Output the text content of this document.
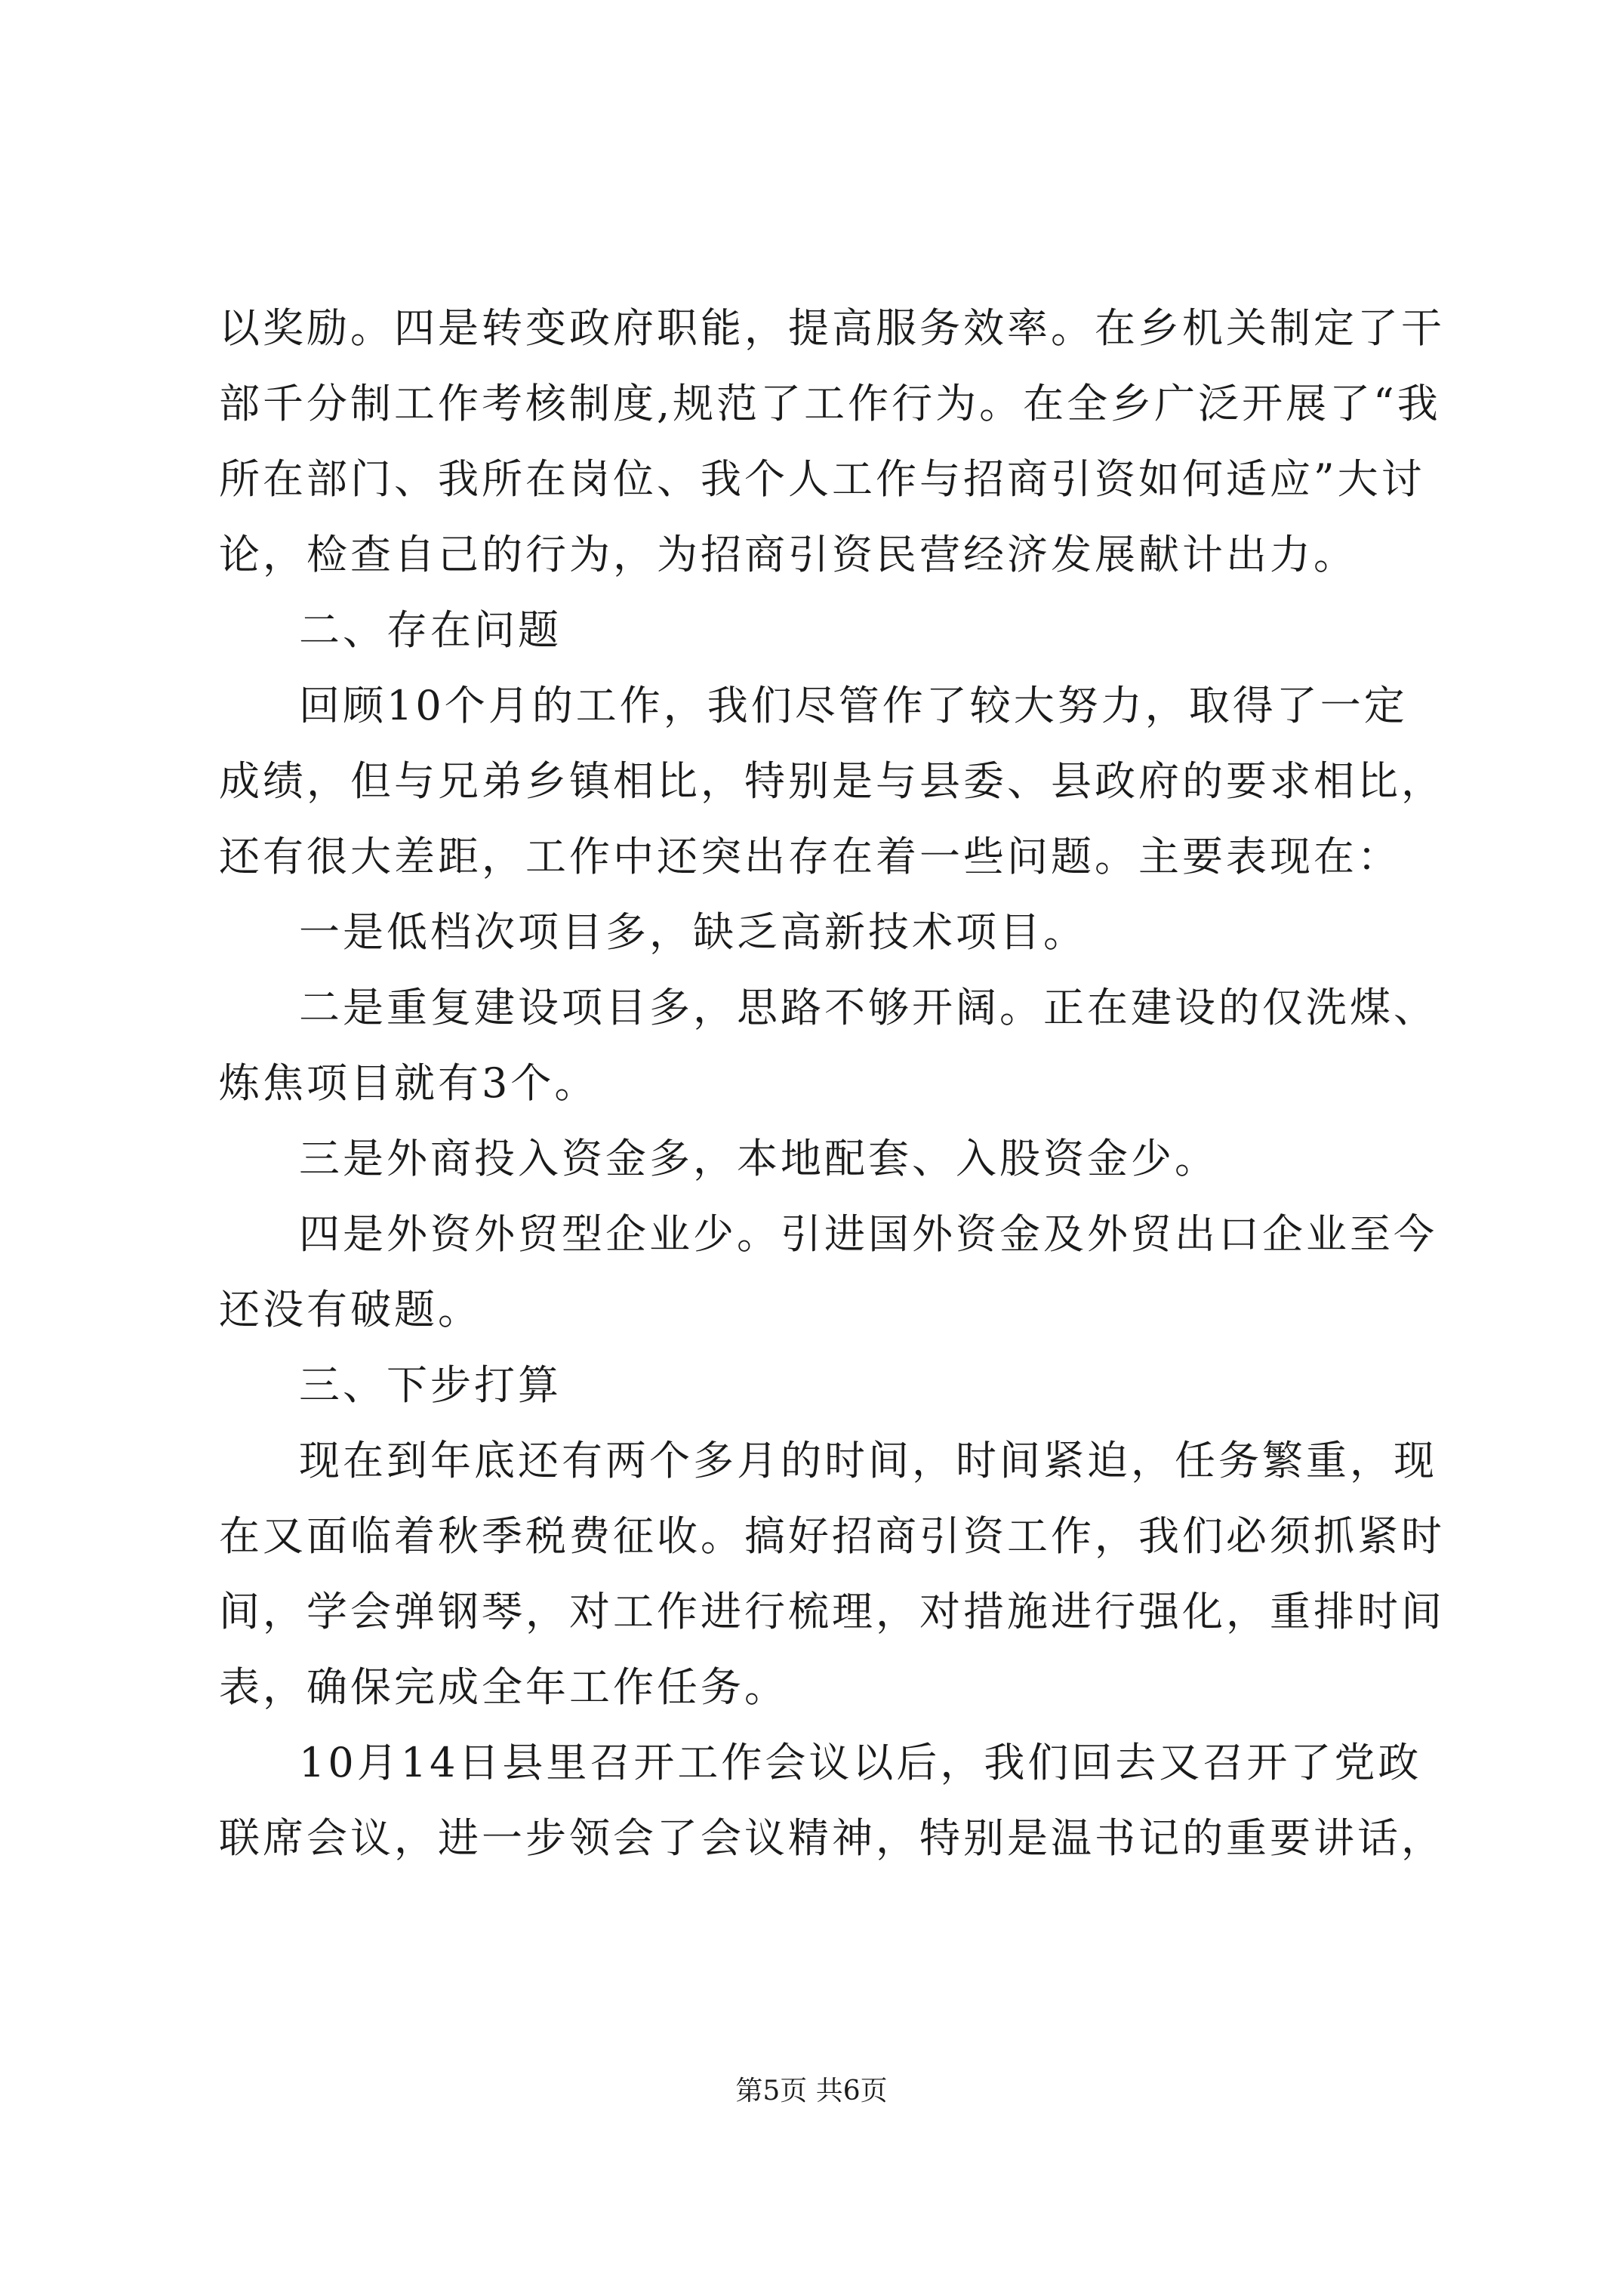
以奖励。四是转变政府职能，提高服务效率。在乡机关制定了干
部千分制工作考核制度,规范了工作行为。在全乡广泛开展了“我
所在部门、我所在岗位、我个人工作与招商引资如何适应”大讨
论，检查自己的行为，为招商引资民营经济发展献计出力。
二、存在问题
回顾10个月的工作，我们尽管作了较大努力，取得了一定
成绩，但与兄弟乡镇相比，特别是与县委、县政府的要求相比，
还有很大差距，工作中还突出存在着一些问题。主要表现在：
一是低档次项目多，缺乏高新技术项目。
二是重复建设项目多，思路不够开阔。正在建设的仅洗煤、
炼焦项目就有3个。
三是外商投入资金多，本地配套、入股资金少。
四是外资外贸型企业少。引进国外资金及外贸出口企业至今
还没有破题。
三、下步打算
现在到年底还有两个多月的时间，时间紧迫，任务繁重，现
在又面临着秋季税费征收。搞好招商引资工作，我们必须抓紧时
间，学会弹钢琴，对工作进行梳理，对措施进行强化，重排时间
表，确保完成全年工作任务。
10月14日县里召开工作会议以后，我们回去又召开了党政
联席会议，进一步领会了会议精神，特别是温书记的重要讲话，
第5页 共6页
